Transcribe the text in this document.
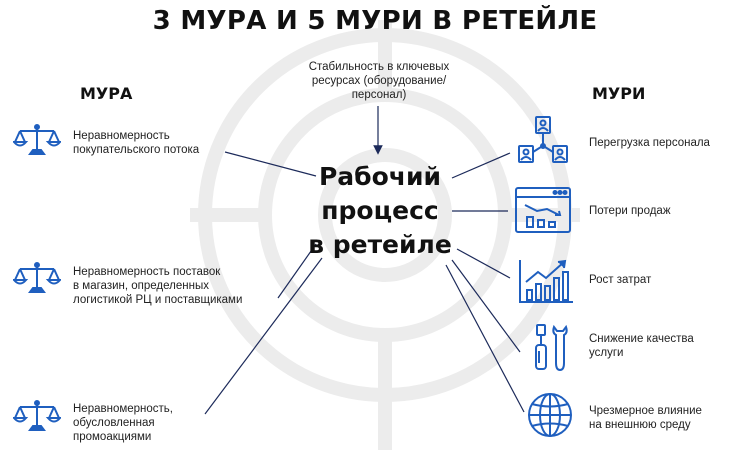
3 МУРА И 5 МУРИ В РЕТЕЙЛЕ
МУРА	МУРИ
Стабильность в ключевых
ресурсах (оборудование/
персонал)
Рабочий
процесс
в ретейле
Неравномерность
покупательского потока
Неравномерность поставок
в магазин, определенных
логистикой РЦ и поставщиками
Неравномерность,
обусловленная
промоакциями
Перегрузка персонала
Потери продаж
Рост затрат
Снижение качества
услуги
Чрезмерное влияние
на внешнюю среду
